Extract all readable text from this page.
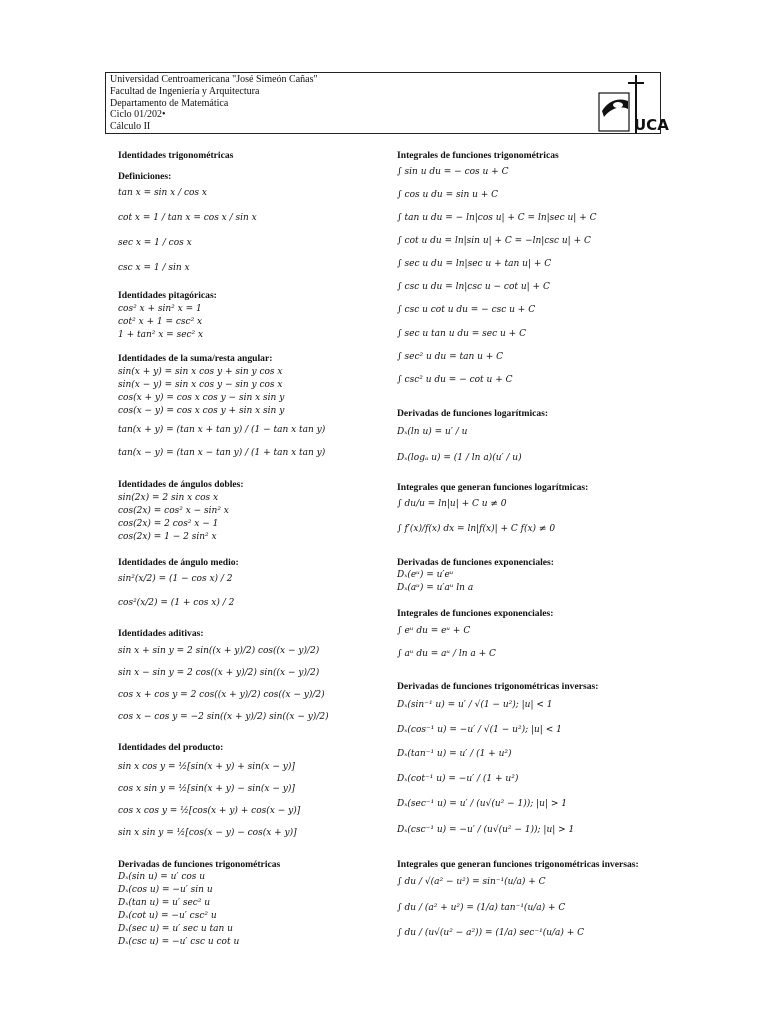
Universidad Centroamericana "José Simeón Cañas"
Facultad de Ingeniería y Arquitectura
Departamento de Matemática
Ciclo 01/202•
Cálculo II	UCA
Identidades trigonométricas
Definiciones:
tan x = sin x / cos x
cot x = 1 / tan x = cos x / sin x
sec x = 1 / cos x
csc x = 1 / sin x
Identidades pitagóricas:
cos² x + sin² x = 1
cot² x + 1 = csc² x
1 + tan² x = sec² x
Identidades de la suma/resta angular:
sin(x + y) = sin x cos y + sin y cos x
sin(x − y) = sin x cos y − sin y cos x
cos(x + y) = cos x cos y − sin x sin y
cos(x − y) = cos x cos y + sin x sin y
tan(x + y) = (tan x + tan y) / (1 − tan x tan y)
tan(x − y) = (tan x − tan y) / (1 + tan x tan y)
Identidades de ángulos dobles:
sin(2x) = 2 sin x cos x
cos(2x) = cos² x − sin² x
cos(2x) = 2 cos² x − 1
cos(2x) = 1 − 2 sin² x
Identidades de ángulo medio:
sin²(x/2) = (1 − cos x) / 2
cos²(x/2) = (1 + cos x) / 2
Identidades aditivas:
sin x + sin y = 2 sin((x + y)/2) cos((x − y)/2)
sin x − sin y = 2 cos((x + y)/2) sin((x − y)/2)
cos x + cos y = 2 cos((x + y)/2) cos((x − y)/2)
cos x − cos y = −2 sin((x + y)/2) sin((x − y)/2)
Identidades del producto:
sin x cos y = ½[sin(x + y) + sin(x − y)]
cos x sin y = ½[sin(x + y) − sin(x − y)]
cos x cos y = ½[cos(x + y) + cos(x − y)]
sin x sin y = ½[cos(x − y) − cos(x + y)]
Derivadas de funciones trigonométricas
Dₓ(sin u) = u′ cos u
Dₓ(cos u) = −u′ sin u
Dₓ(tan u) = u′ sec² u
Dₓ(cot u) = −u′ csc² u
Dₓ(sec u) = u′ sec u tan u
Dₓ(csc u) = −u′ csc u cot u
Integrales de funciones trigonométricas
∫ sin u du = − cos u + C
∫ cos u du = sin u + C
∫ tan u du = − ln|cos u| + C = ln|sec u| + C
∫ cot u du = ln|sin u| + C = −ln|csc u| + C
∫ sec u du = ln|sec u + tan u| + C
∫ csc u du = ln|csc u − cot u| + C
∫ csc u cot u du = − csc u + C
∫ sec u tan u du = sec u + C
∫ sec² u du = tan u + C
∫ csc² u du = − cot u + C
Derivadas de funciones logarítmicas:
Dₓ(ln u) = u′ / u
Dₓ(logₐ u) = (1 / ln a)(u′ / u)
Integrales que generan funciones logarítmicas:
∫ du/u = ln|u| + C u ≠ 0
∫ f′(x)/f(x) dx = ln|f(x)| + C f(x) ≠ 0
Derivadas de funciones exponenciales:
Dₓ(eᵘ) = u′eᵘ
Dₓ(aᵘ) = u′aᵘ ln a
Integrales de funciones exponenciales:
∫ eᵘ du = eᵘ + C
∫ aᵘ du = aᵘ / ln a + C
Derivadas de funciones trigonométricas inversas:
Dₓ(sin⁻¹ u) = u′ / √(1 − u²); |u| < 1
Dₓ(cos⁻¹ u) = −u′ / √(1 − u²); |u| < 1
Dₓ(tan⁻¹ u) = u′ / (1 + u²)
Dₓ(cot⁻¹ u) = −u′ / (1 + u²)
Dₓ(sec⁻¹ u) = u′ / (u√(u² − 1)); |u| > 1
Dₓ(csc⁻¹ u) = −u′ / (u√(u² − 1)); |u| > 1
Integrales que generan funciones trigonométricas inversas:
∫ du / √(a² − u²) = sin⁻¹(u/a) + C
∫ du / (a² + u²) = (1/a) tan⁻¹(u/a) + C
∫ du / (u√(u² − a²)) = (1/a) sec⁻¹(u/a) + C
